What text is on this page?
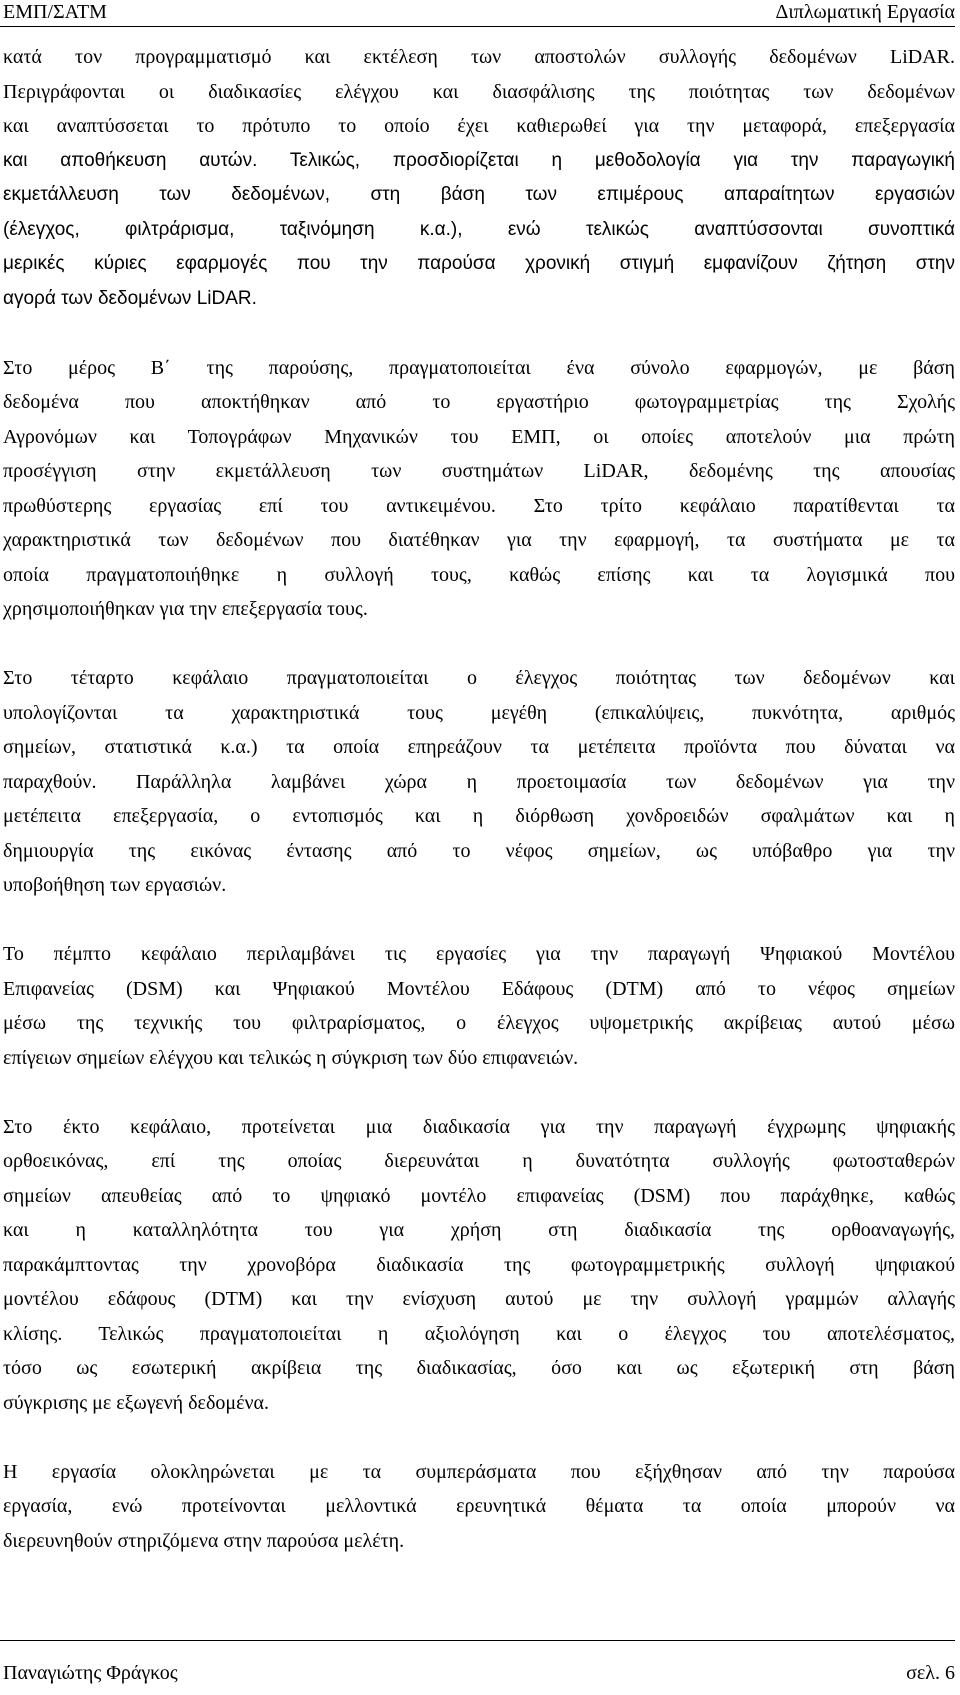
ΕΜΠ/ΣΑΤΜ	Διπλωματική Εργασία
κατά τον προγραμματισμό και εκτέλεση των αποστολών συλλογής δεδομένων LiDAR.
Περιγράφονται οι διαδικασίες ελέγχου και διασφάλισης της ποιότητας των δεδομένων
και αναπτύσσεται το πρότυπο το οποίο έχει καθιερωθεί για την μεταφορά, επεξεργασία
και αποθήκευση αυτών. Τελικώς, προσδιορίζεται η μεθοδολογία για την παραγωγική
εκμετάλλευση των δεδομένων, στη βάση των επιμέρους απαραίτητων εργασιών
(έλεγχος, φιλτράρισμα, ταξινόμηση κ.α.), ενώ τελικώς αναπτύσσονται συνοπτικά
μερικές κύριες εφαρμογές που την παρούσα χρονική στιγμή εμφανίζουν ζήτηση στην
αγορά των δεδομένων LiDAR.
Στο μέρος Β΄ της παρούσης, πραγματοποιείται ένα σύνολο εφαρμογών, με βάση
δεδομένα που αποκτήθηκαν από το εργαστήριο φωτογραμμετρίας της Σχολής
Αγρονόμων και Τοπογράφων Μηχανικών του ΕΜΠ, οι οποίες αποτελούν μια πρώτη
προσέγγιση στην εκμετάλλευση των συστημάτων LiDAR, δεδομένης της απουσίας
πρωθύστερης εργασίας επί του αντικειμένου. Στο τρίτο κεφάλαιο παρατίθενται τα
χαρακτηριστικά των δεδομένων που διατέθηκαν για την εφαρμογή, τα συστήματα με τα
οποία πραγματοποιήθηκε η συλλογή τους, καθώς επίσης και τα λογισμικά που
χρησιμοποιήθηκαν για την επεξεργασία τους.
Στο τέταρτο κεφάλαιο πραγματοποιείται ο έλεγχος ποιότητας των δεδομένων και
υπολογίζονται τα χαρακτηριστικά τους μεγέθη (επικαλύψεις, πυκνότητα, αριθμός
σημείων, στατιστικά κ.α.) τα οποία επηρεάζουν τα μετέπειτα προϊόντα που δύναται να
παραχθούν. Παράλληλα λαμβάνει χώρα η προετοιμασία των δεδομένων για την
μετέπειτα επεξεργασία, ο εντοπισμός και η διόρθωση χονδροειδών σφαλμάτων και η
δημιουργία της εικόνας έντασης από το νέφος σημείων, ως υπόβαθρο για την
υποβοήθηση των εργασιών.
Το πέμπτο κεφάλαιο περιλαμβάνει τις εργασίες για την παραγωγή Ψηφιακού Μοντέλου
Επιφανείας (DSM) και Ψηφιακού Μοντέλου Εδάφους (DTM) από το νέφος σημείων
μέσω της τεχνικής του φιλτραρίσματος, ο έλεγχος υψομετρικής ακρίβειας αυτού μέσω
επίγειων σημείων ελέγχου και τελικώς η σύγκριση των δύο επιφανειών.
Στο έκτο κεφάλαιο, προτείνεται μια διαδικασία για την παραγωγή έγχρωμης ψηφιακής
ορθοεικόνας, επί της οποίας διερευνάται η δυνατότητα συλλογής φωτοσταθερών
σημείων απευθείας από το ψηφιακό μοντέλο επιφανείας (DSM) που παράχθηκε, καθώς
και η καταλληλότητα του για χρήση στη διαδικασία της ορθοαναγωγής,
παρακάμπτοντας την χρονοβόρα διαδικασία της φωτογραμμετρικής συλλογή ψηφιακού
μοντέλου εδάφους (DTM) και την ενίσχυση αυτού με την συλλογή γραμμών αλλαγής
κλίσης. Τελικώς πραγματοποιείται η αξιολόγηση και ο έλεγχος του αποτελέσματος,
τόσο ως εσωτερική ακρίβεια της διαδικασίας, όσο και ως εξωτερική στη βάση
σύγκρισης με εξωγενή δεδομένα.
Η εργασία ολοκληρώνεται με τα συμπεράσματα που εξήχθησαν από την παρούσα
εργασία, ενώ προτείνονται μελλοντικά ερευνητικά θέματα τα οποία μπορούν να
διερευνηθούν στηριζόμενα στην παρούσα μελέτη.
Παναγιώτης Φράγκος	σελ. 6
